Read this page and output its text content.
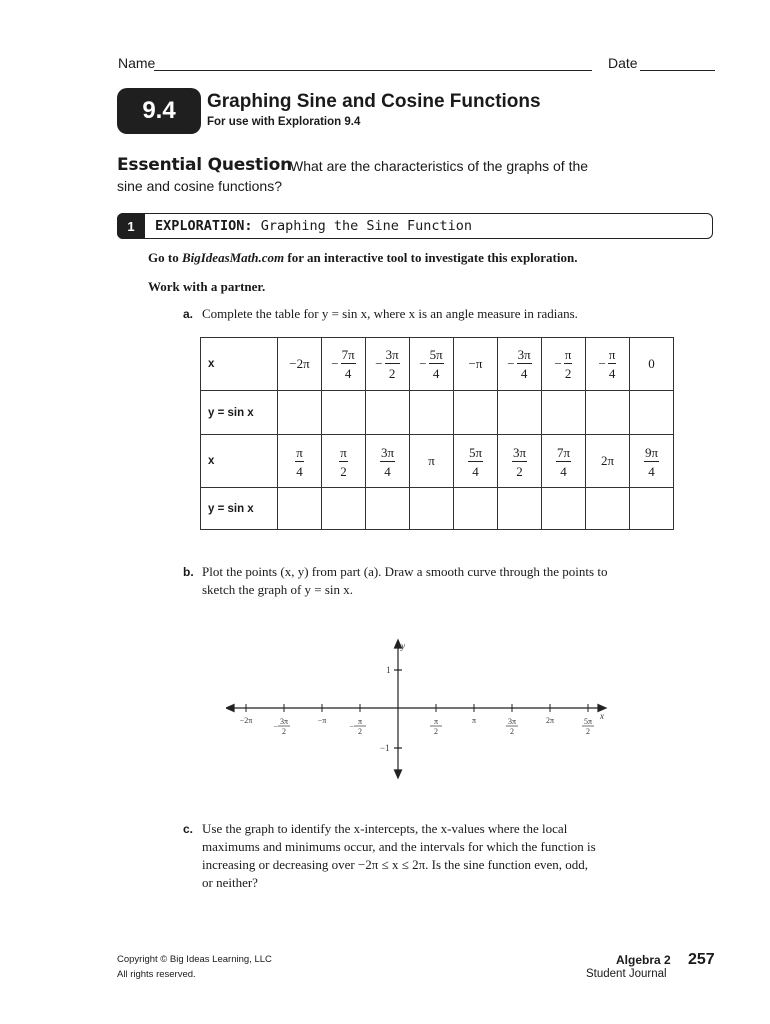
Name	Date
9.4	Graphing Sine and Cosine Functions
For use with Exploration 9.4
Essential Question
What are the characteristics of the graphs of the
sine and cosine functions?
1	EXPLORATION: Graphing the Sine Function
Go to BigIdeasMath.com for an interactive tool to investigate this exploration.
Work with a partner.
a. Complete the table for y = sin x, where x is an angle measure in radians.
x	−2π	− $\frac{7\pi}{4}$	− $\frac{3\pi}{2}$	− $\frac{5\pi}{4}$	−π	− $\frac{3\pi}{4}$	− $\frac{\pi}{2}$	− $\frac{\pi}{4}$	0
y = sin x									
x	$\frac{\pi}{4}$	$\frac{\pi}{2}$	$\frac{3\pi}{4}$	π	$\frac{5\pi}{4}$	$\frac{3\pi}{2}$	$\frac{7\pi}{4}$	2π	$\frac{9\pi}{4}$

y = sin x									
b. Plot the points (x, y) from part (a). Draw a smooth curve through the points to
sketch the graph of y = sin x.
y
x
1
−1
−2π	3π
2
−
−π	π
2
−
π
2
π	3π
2
2π	5π
2
c. Use the graph to identify the x-intercepts, the x-values where the local
maximums and minimums occur, and the intervals for which the function is
increasing or decreasing over −2π ≤ x ≤ 2π. Is the sine function even, odd,
or neither?
Copyright © Big Ideas Learning, LLC
All rights reserved.
Algebra 2
Student Journal
257
